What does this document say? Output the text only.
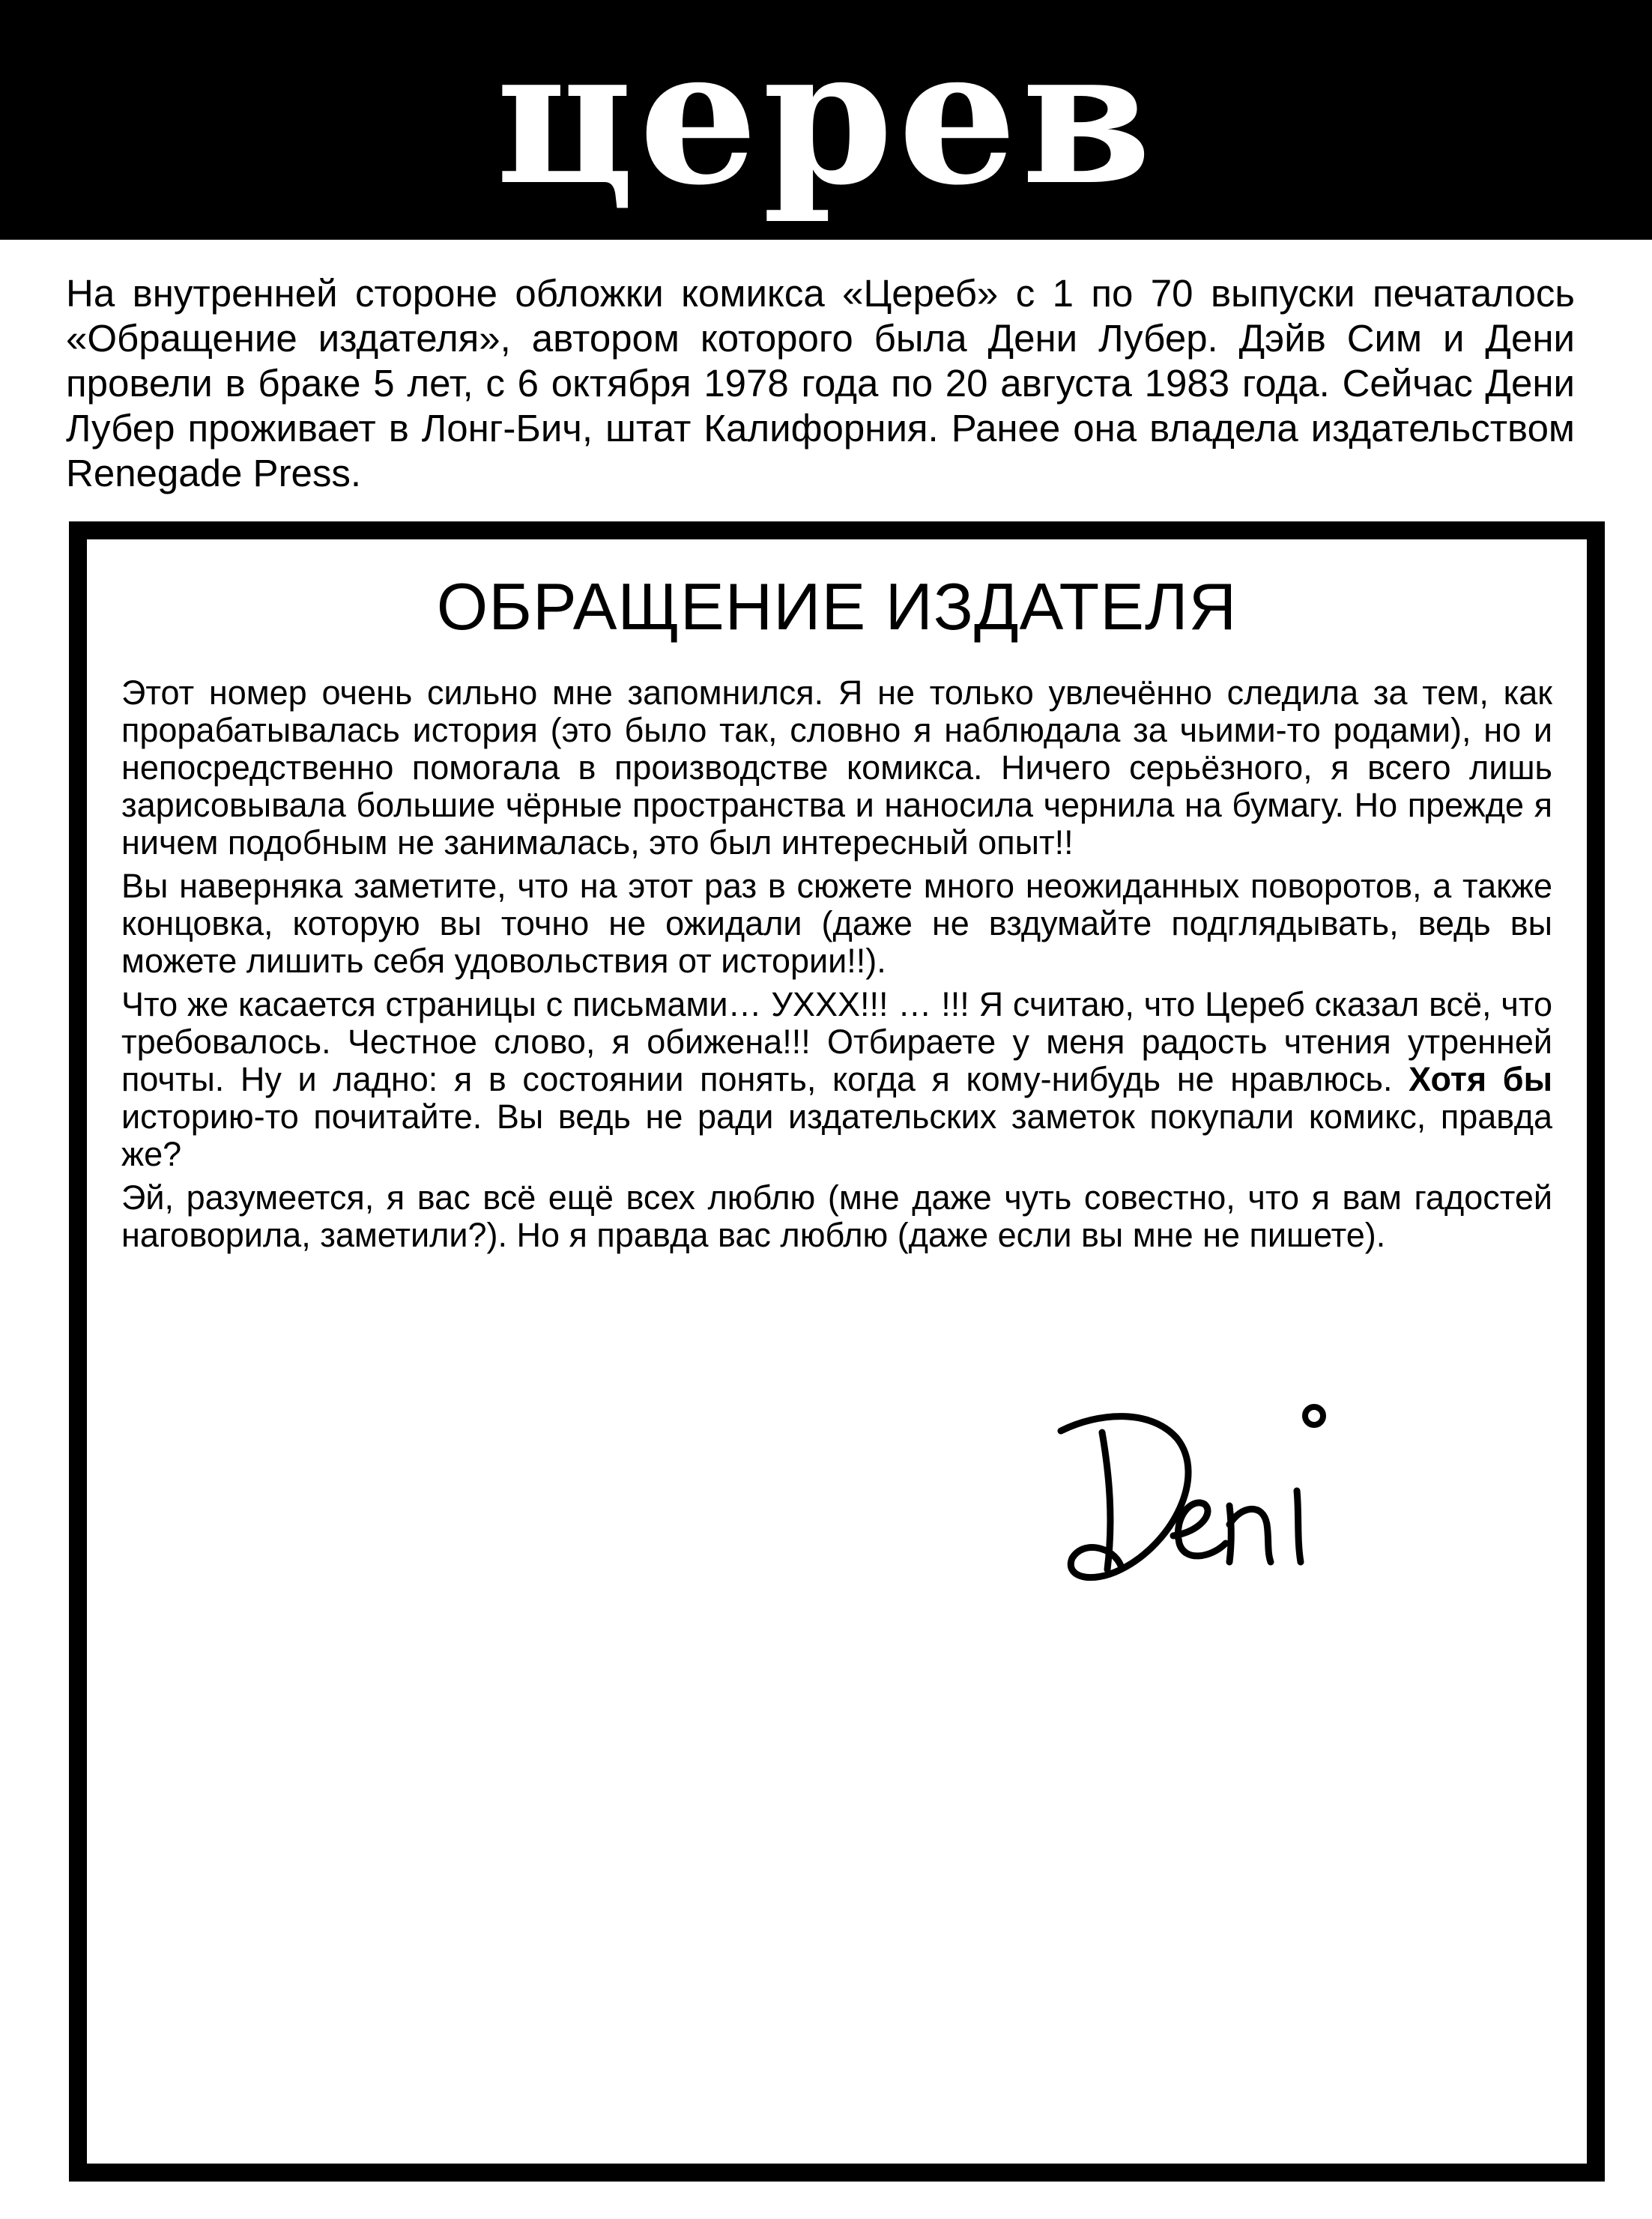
церев

На внутренней стороне обложки комикса «Цереб» с 1 по 70 выпуски печаталось «Обращение издателя», автором которого была Дени Лубер. Дэйв Сим и Дени провели в браке 5 лет, с 6 октября 1978 года по 20 августа 1983 года. Сейчас Дени Лубер проживает в Лонг-Бич, штат Калифорния. Ранее она владела издательством Renegade Press.

ОБРАЩЕНИЕ ИЗДАТЕЛЯ

Этот номер очень сильно мне запомнился. Я не только увлечённо следила за тем, как прорабатывалась история (это было так, словно я наблюдала за чьими-то родами), но и непосредственно помогала в производстве комикса. Ничего серьёзного, я всего лишь зарисовывала большие чёрные пространства и наносила чернила на бумагу. Но прежде я ничем подобным не занималась, это был интересный опыт!!

Вы наверняка заметите, что на этот раз в сюжете много неожиданных поворотов, а также концовка, которую вы точно не ожидали (даже не вздумайте подглядывать, ведь вы можете лишить себя удовольствия от истории!!).

Что же касается страницы с письмами… УХХХ!!! … !!! Я считаю, что Цереб сказал всё, что требовалось. Честное слово, я обижена!!! Отбираете у меня радость чтения утренней почты. Ну и ладно: я в состоянии понять, когда я кому-нибудь не нравлюсь. Хотя бы историю-то почитайте. Вы ведь не ради издательских заметок покупали комикс, правда же?

Эй, разумеется, я вас всё ещё всех люблю (мне даже чуть совестно, что я вам гадостей наговорила, заметили?). Но я правда вас люблю (даже если вы мне не пишете).
